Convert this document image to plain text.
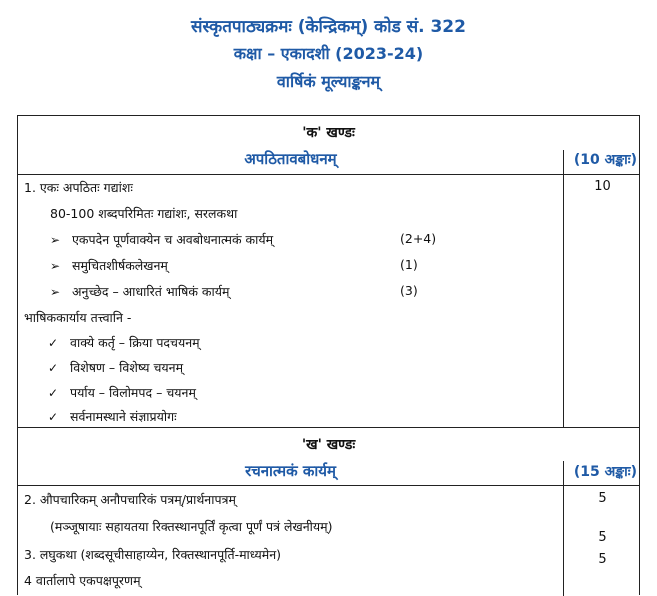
संस्कृतपाठ्यक्रमः (केन्द्रिकम्) कोड सं. 322
कक्षा – एकादशी (2023-24)
वार्षिकं मूल्याङ्कनम्
'क' खण्डः
अपठितावबोधनम्	(10 अङ्काः)
1. एकः अपठितः गद्यांशः	10
80-100 शब्दपरिमितः गद्यांशः, सरलकथा
➢ एकपदेन पूर्णवाक्येन च अवबोधनात्मकं कार्यम्	(2+4)
➢ समुचितशीर्षकलेखनम्	(1)
➢ अनुच्छेद – आधारितं भाषिकं कार्यम्	(3)
भाषिककार्याय तत्त्वानि -
✓ वाक्ये कर्तृ – क्रिया पदचयनम्
✓ विशेषण – विशेष्य चयनम्
✓ पर्याय – विलोमपद – चयनम्
✓ सर्वनामस्थाने संज्ञाप्रयोगः
'ख' खण्डः
रचनात्मकं कार्यम्	(15 अङ्काः)
2. औपचारिकम् अनौपचारिकं पत्रम्/प्रार्थनापत्रम्	5
(मञ्जूषायाः सहायतया रिक्तस्थानपूर्तिं कृत्वा पूर्णं पत्रं लेखनीयम्)
5
3. लघुकथा (शब्दसूचीसाहाय्येन, रिक्तस्थानपूर्ति-माध्यमेन)	5
4 वार्तालापे एकपक्षपूरणम्
